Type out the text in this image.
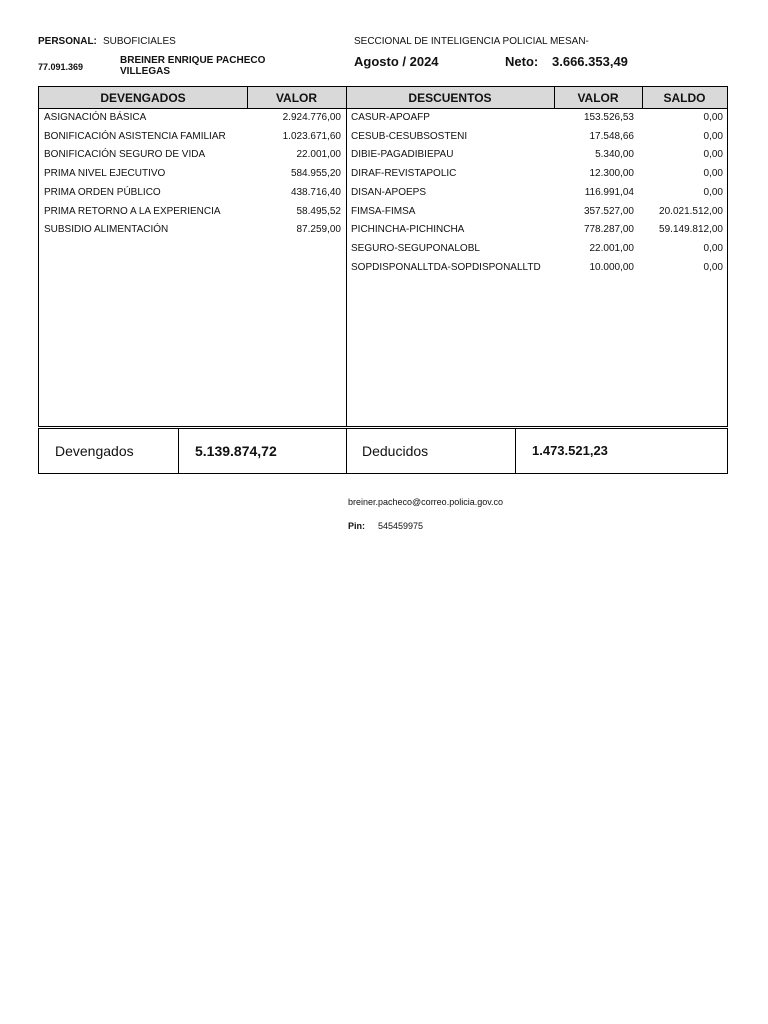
PERSONAL: SUBOFICIALES	SECCIONAL DE INTELIGENCIA POLICIAL MESAN-
77.091.369
BREINER ENRIQUE PACHECO
VILLEGAS
Agosto / 2024	Neto: 3.666.353,49
DEVENGADOS	VALOR	DESCUENTOS	VALOR	SALDO
ASIGNACIÓN BÁSICA	2.924.776,00
BONIFICACIÓN ASISTENCIA FAMILIAR	1.023.671,60
BONIFICACIÓN SEGURO DE VIDA	22.001,00
PRIMA NIVEL EJECUTIVO	584.955,20
PRIMA ORDEN PÚBLICO	438.716,40
PRIMA RETORNO A LA EXPERIENCIA	58.495,52
SUBSIDIO ALIMENTACIÓN	87.259,00
CASUR-APOAFP	153.526,53	0,00
CESUB-CESUBSOSTENI	17.548,66	0,00
DIBIE-PAGADIBIEPAU	5.340,00	0,00
DIRAF-REVISTAPOLIC	12.300,00	0,00
DISAN-APOEPS	116.991,04	0,00
FIMSA-FIMSA	357.527,00	20.021.512,00
PICHINCHA-PICHINCHA	778.287,00	59.149.812,00
SEGURO-SEGUPONALOBL	22.001,00	0,00
SOPDISPONALLTDA-SOPDISPONALLTD	10.000,00	0,00
Devengados	5.139.874,72	Deducidos	1.473.521,23
breiner.pacheco@correo.policia.gov.co
Pin: 545459975
